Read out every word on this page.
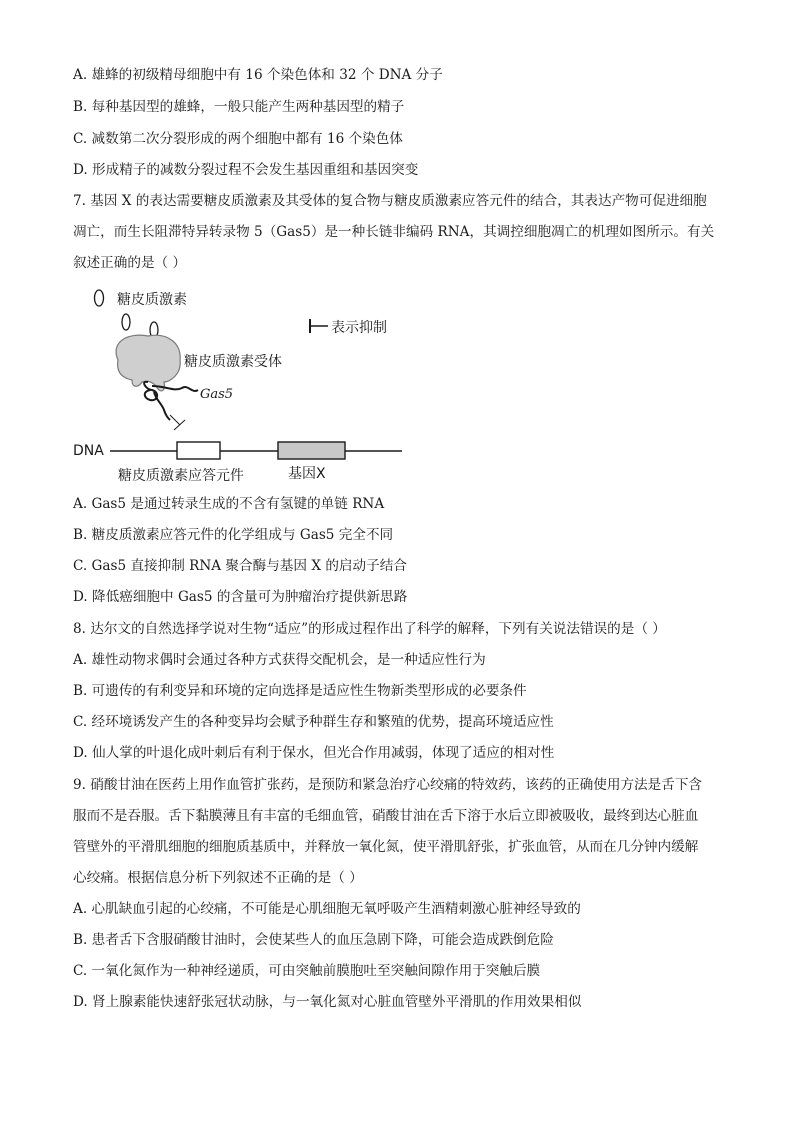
A. 雄蜂的初级精母细胞中有 16 个染色体和 32 个 DNA 分子
B. 每种基因型的雄蜂，一般只能产生两种基因型的精子
C. 减数第二次分裂形成的两个细胞中都有 16 个染色体
D. 形成精子的减数分裂过程不会发生基因重组和基因突变
7. 基因 X 的表达需要糖皮质激素及其受体的复合物与糖皮质激素应答元件的结合，其表达产物可促进细胞
凋亡，而生长阻滞特异转录物 5（Gas5）是一种长链非编码 RNA，其调控细胞凋亡的机理如图所示。有关
叙述正确的是（ ）
糖皮质激素
糖皮质激素受体
Gas5
表示抑制
DNA
糖皮质激素应答元件	基因X
A. Gas5 是通过转录生成的不含有氢键的单链 RNA
B. 糖皮质激素应答元件的化学组成与 Gas5 完全不同
C. Gas5 直接抑制 RNA 聚合酶与基因 X 的启动子结合
D. 降低癌细胞中 Gas5 的含量可为肿瘤治疗提供新思路
8. 达尔文的自然选择学说对生物“适应”的形成过程作出了科学的解释，下列有关说法错误的是（ ）
A. 雄性动物求偶时会通过各种方式获得交配机会，是一种适应性行为
B. 可遗传的有利变异和环境的定向选择是适应性生物新类型形成的必要条件
C. 经环境诱发产生的各种变异均会赋予种群生存和繁殖的优势，提高环境适应性
D. 仙人掌的叶退化成叶刺后有利于保水，但光合作用减弱，体现了适应的相对性
9. 硝酸甘油在医药上用作血管扩张药，是预防和紧急治疗心绞痛的特效药，该药的正确使用方法是舌下含
服而不是吞服。舌下黏膜薄且有丰富的毛细血管，硝酸甘油在舌下溶于水后立即被吸收，最终到达心脏血
管壁外的平滑肌细胞的细胞质基质中，并释放一氧化氮，使平滑肌舒张，扩张血管，从而在几分钟内缓解
心绞痛。根据信息分析下列叙述不正确的是（ ）
A. 心肌缺血引起的心绞痛，不可能是心肌细胞无氧呼吸产生酒精刺激心脏神经导致的
B. 患者舌下含服硝酸甘油时，会使某些人的血压急剧下降，可能会造成跌倒危险
C. 一氧化氮作为一种神经递质，可由突触前膜胞吐至突触间隙作用于突触后膜
D. 肾上腺素能快速舒张冠状动脉，与一氧化氮对心脏血管壁外平滑肌的作用效果相似
